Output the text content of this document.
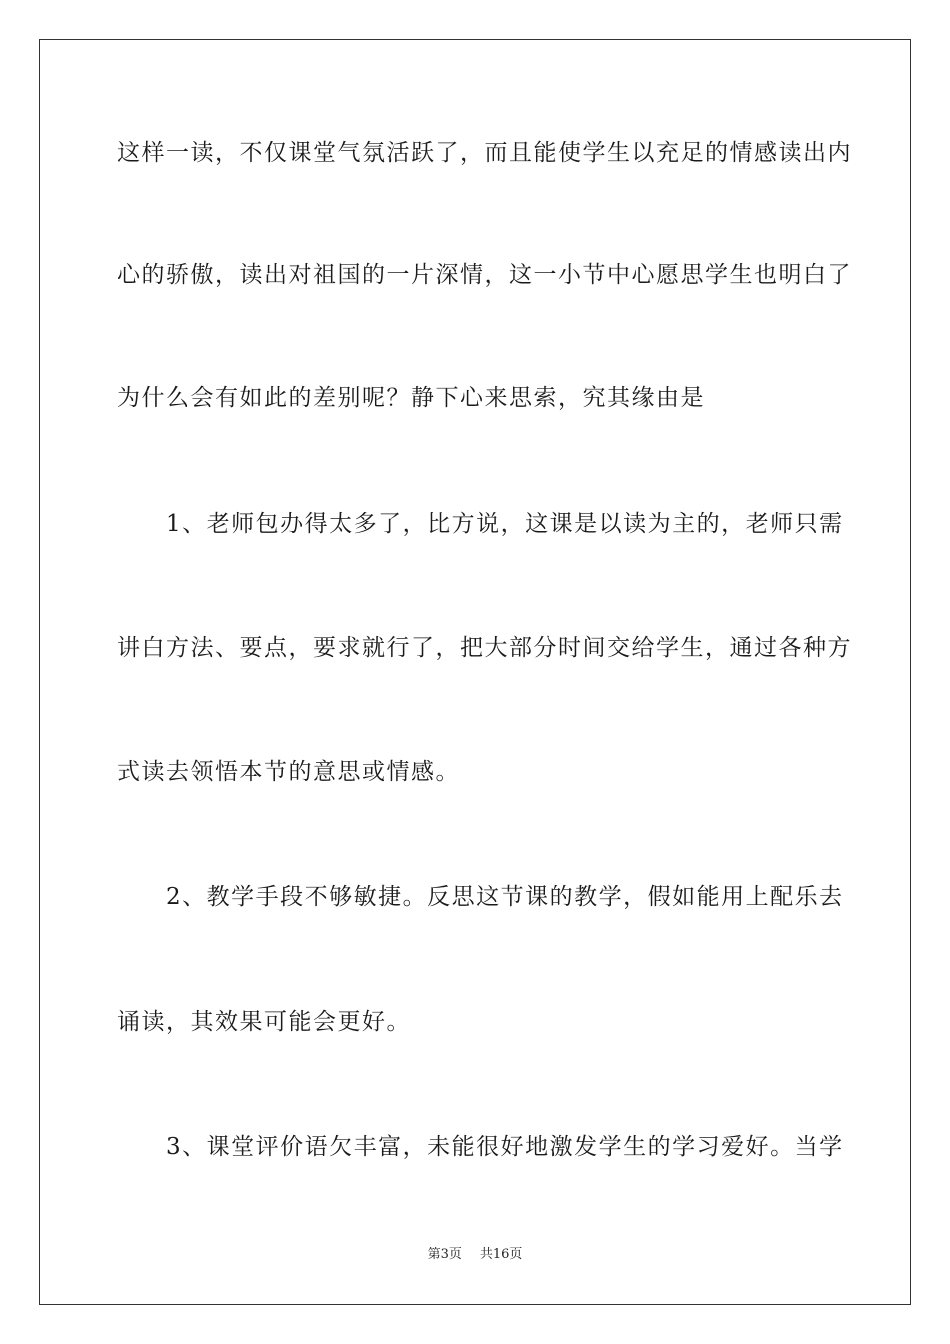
这样一读，不仅课堂气氛活跃了，而且能使学生以充足的情感读出内
心的骄傲，读出对祖国的一片深情，这一小节中心愿思学生也明白了
为什么会有如此的差别呢？静下心来思索，究其缘由是
　　1、老师包办得太多了，比方说，这课是以读为主的，老师只需
讲白方法、要点，要求就行了，把大部分时间交给学生，通过各种方
式读去领悟本节的意思或情感。
　　2、教学手段不够敏捷。反思这节课的教学，假如能用上配乐去
诵读，其效果可能会更好。
　　3、课堂评价语欠丰富，未能很好地激发学生的学习爱好。当学
第3页 共16页
